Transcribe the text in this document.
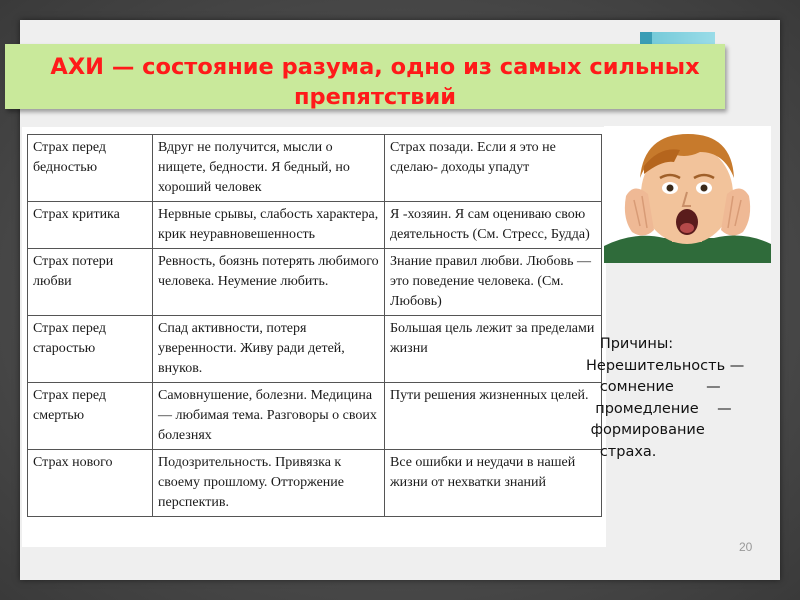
АХИ — состояние разума, одно из самых сильных
препятствий
Страх перед бедностью	Вдруг не получится, мысли о нищете, бедности. Я бедный, но хороший человек	Страх позади. Если я это не сделаю- доходы упадут
Страх критика	Нервные срывы, слабость характера, крик неуравновешенность	Я -хозяин. Я сам оцениваю свою деятельность (См. Стресс, Будда)
Страх потери любви	Ревность, боязнь потерять любимого человека. Неумение любить.	Знание правил любви. Любовь — это поведение человека. (См. Любовь)
Страх перед старостью	Спад активности, потеря уверенности. Живу ради детей, внуков.	Большая цель лежит за пределами жизни
Страх перед смертью	Самовнушение, болезни. Медицина — любимая тема. Разговоры о своих болезнях	Пути решения жизненных целей.
Страх нового	Подозрительность. Привязка к своему прошлому. Отторжение перспектив.	Все ошибки и неудачи в нашей жизни от нехватки знаний
Причины:
Нерешительность —
сомнение       —
промедление    —
формирование
страха.
20
